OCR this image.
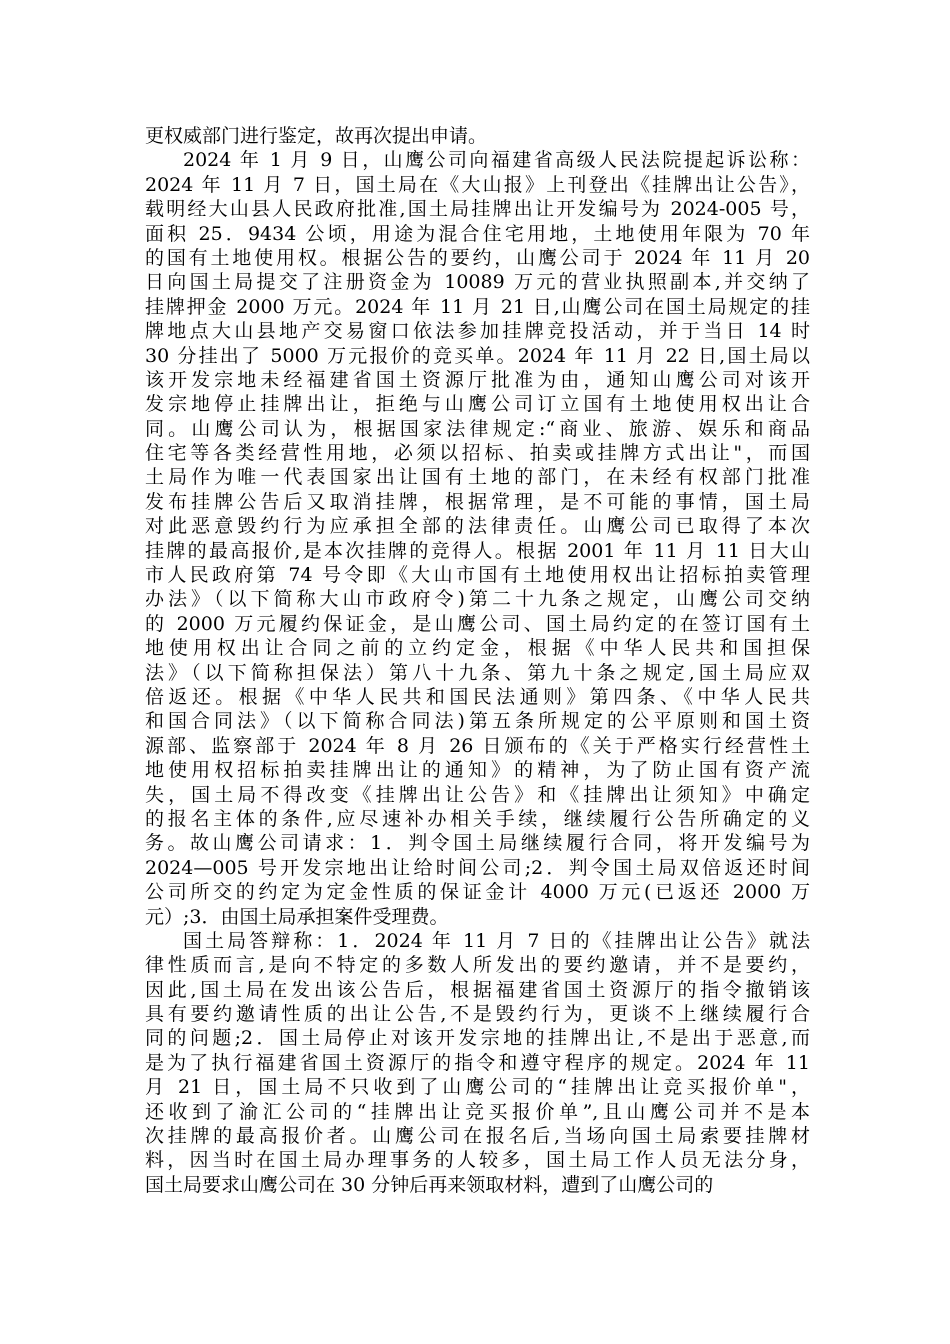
更权威部门进行鉴定，故再次提出申请。
2024 年 1 月 9 日，山鹰公司向福建省高级人民法院提起诉讼称：
2024 年 11 月 7 日，国土局在《大山报》上刊登出《挂牌出让公告》，
载明经大山县人民政府批准,国土局挂牌出让开发编号为 2024-005 号，
面积 25．9434 公顷，用途为混合住宅用地，土地使用年限为 70 年
的国有土地使用权。根据公告的要约，山鹰公司于 2024 年 11 月 20
日向国土局提交了注册资金为 10089 万元的营业执照副本,并交纳了
挂牌押金 2000 万元。2024 年 11 月 21 日,山鹰公司在国土局规定的挂
牌地点大山县地产交易窗口依法参加挂牌竞投活动，并于当日 14 时
30 分挂出了 5000 万元报价的竞买单。2024 年 11 月 22 日,国土局以
该开发宗地未经福建省国土资源厅批准为由，通知山鹰公司对该开
发宗地停止挂牌出让，拒绝与山鹰公司订立国有土地使用权出让合
同。山鹰公司认为，根据国家法律规定:“商业、旅游、娱乐和商品
住宅等各类经营性用地，必须以招标、拍卖或挂牌方式出让"，而国
土局作为唯一代表国家出让国有土地的部门，在未经有权部门批准
发布挂牌公告后又取消挂牌，根据常理，是不可能的事情，国土局
对此恶意毁约行为应承担全部的法律责任。山鹰公司已取得了本次
挂牌的最高报价,是本次挂牌的竞得人。根据 2001 年 11 月 11 日大山
市人民政府第 74 号令即《大山市国有土地使用权出让招标拍卖管理
办法》（以下简称大山市政府令)第二十九条之规定，山鹰公司交纳
的 2000 万元履约保证金，是山鹰公司、国土局约定的在签订国有土
地使用权出让合同之前的立约定金，根据《中华人民共和国担保
法》（以下简称担保法）第八十九条、第九十条之规定,国土局应双
倍返还。根据《中华人民共和国民法通则》第四条、《中华人民共
和国合同法》（以下简称合同法)第五条所规定的公平原则和国土资
源部、监察部于 2024 年 8 月 26 日颁布的《关于严格实行经营性土
地使用权招标拍卖挂牌出让的通知》的精神，为了防止国有资产流
失，国土局不得改变《挂牌出让公告》和《挂牌出让须知》中确定
的报名主体的条件,应尽速补办相关手续，继续履行公告所确定的义
务。故山鹰公司请求：1．判令国土局继续履行合同，将开发编号为
2024—005 号开发宗地出让给时间公司;2．判令国土局双倍返还时间
公司所交的约定为定金性质的保证金计 4000 万元(已返还 2000 万
元）;3．由国土局承担案件受理费。
国土局答辩称：1．2024 年 11 月 7 日的《挂牌出让公告》就法
律性质而言,是向不特定的多数人所发出的要约邀请，并不是要约，
因此,国土局在发出该公告后，根据福建省国土资源厅的指令撤销该
具有要约邀请性质的出让公告,不是毁约行为，更谈不上继续履行合
同的问题;2．国土局停止对该开发宗地的挂牌出让,不是出于恶意,而
是为了执行福建省国土资源厅的指令和遵守程序的规定。2024 年 11
月 21 日，国土局不只收到了山鹰公司的“挂牌出让竞买报价单"，
还收到了渝汇公司的“挂牌出让竞买报价单”,且山鹰公司并不是本
次挂牌的最高报价者。山鹰公司在报名后,当场向国土局索要挂牌材
料，因当时在国土局办理事务的人较多，国土局工作人员无法分身，
国土局要求山鹰公司在 30 分钟后再来领取材料，遭到了山鹰公司的
